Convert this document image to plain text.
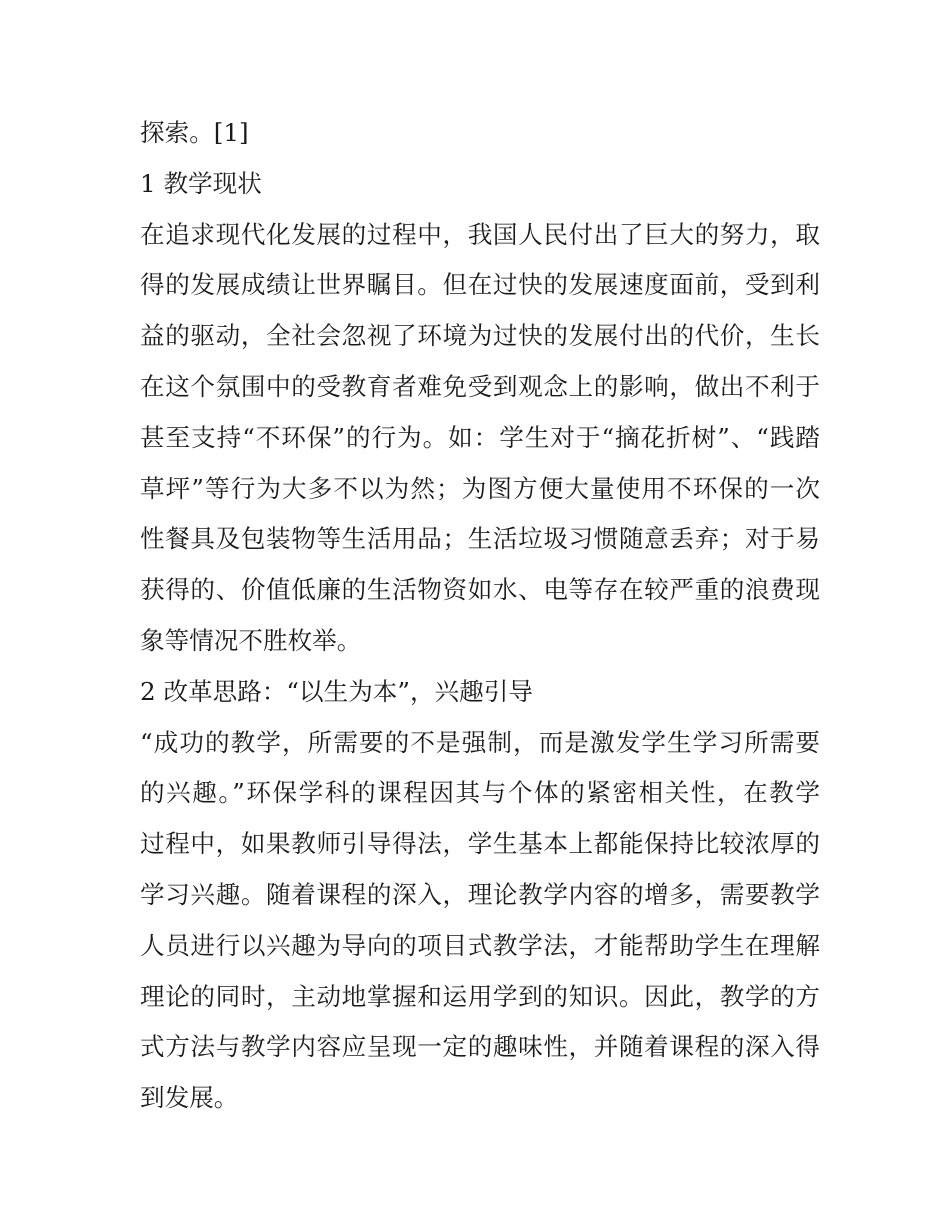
探索。[1]
1 教学现状
在追求现代化发展的过程中，我国人民付出了巨大的努力，取
得的发展成绩让世界瞩目。但在过快的发展速度面前，受到利
益的驱动，全社会忽视了环境为过快的发展付出的代价，生长
在这个氛围中的受教育者难免受到观念上的影响，做出不利于
甚至支持“不环保”的行为。如：学生对于“摘花折树”、“践踏
草坪”等行为大多不以为然；为图方便大量使用不环保的一次
性餐具及包装物等生活用品；生活垃圾习惯随意丢弃；对于易
获得的、价值低廉的生活物资如水、电等存在较严重的浪费现
象等情况不胜枚举。
2 改革思路：“以生为本”，兴趣引导
“成功的教学，所需要的不是强制，而是激发学生学习所需要
的兴趣。”环保学科的课程因其与个体的紧密相关性，在教学
过程中，如果教师引导得法，学生基本上都能保持比较浓厚的
学习兴趣。随着课程的深入，理论教学内容的增多，需要教学
人员进行以兴趣为导向的项目式教学法，才能帮助学生在理解
理论的同时，主动地掌握和运用学到的知识。因此，教学的方
式方法与教学内容应呈现一定的趣味性，并随着课程的深入得
到发展。
